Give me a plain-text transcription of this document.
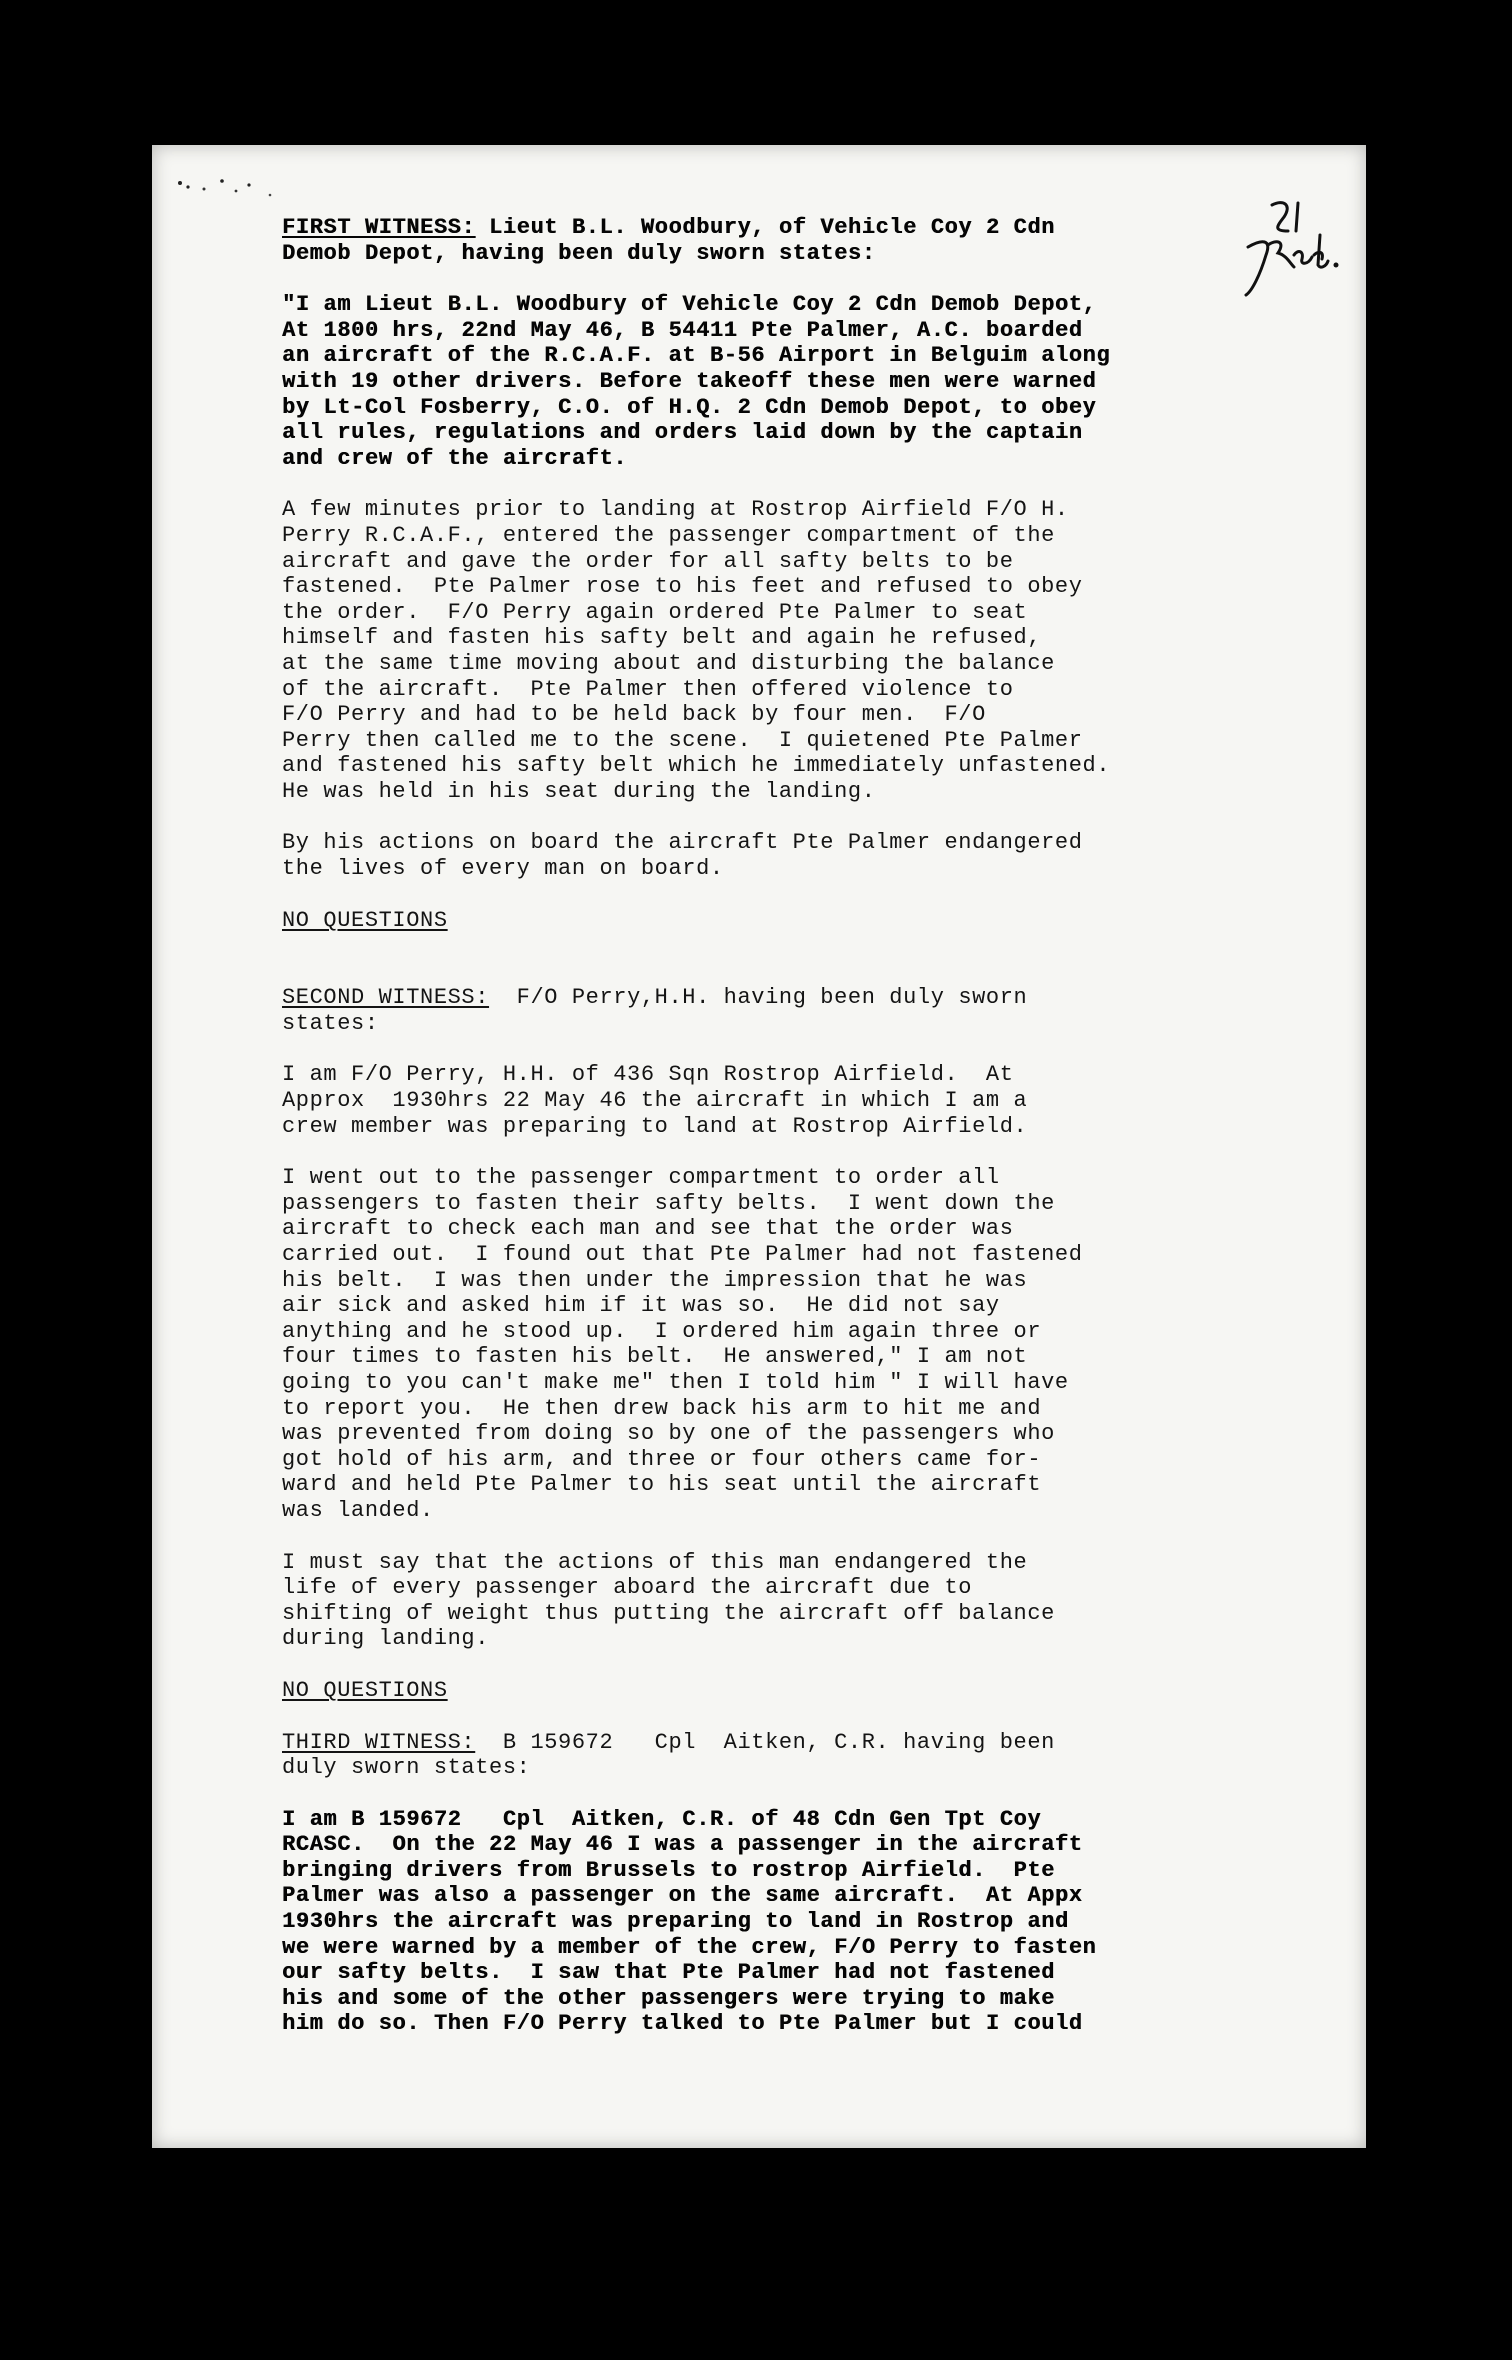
FIRST WITNESS: Lieut B.L. Woodbury, of Vehicle Coy 2 Cdn
Demob Depot, having been duly sworn states:
"I am Lieut B.L. Woodbury of Vehicle Coy 2 Cdn Demob Depot,
At 1800 hrs, 22nd May 46, B 54411 Pte Palmer, A.C. boarded
an aircraft of the R.C.A.F. at B-56 Airport in Belguim along
with 19 other drivers. Before takeoff these men were warned
by Lt-Col Fosberry, C.O. of H.Q. 2 Cdn Demob Depot, to obey
all rules, regulations and orders laid down by the captain
and crew of the aircraft.
A few minutes prior to landing at Rostrop Airfield F/O H.
Perry R.C.A.F., entered the passenger compartment of the
aircraft and gave the order for all safty belts to be
fastened.  Pte Palmer rose to his feet and refused to obey
the order.  F/O Perry again ordered Pte Palmer to seat
himself and fasten his safty belt and again he refused,
at the same time moving about and disturbing the balance
of the aircraft.  Pte Palmer then offered violence to
F/O Perry and had to be held back by four men.  F/O
Perry then called me to the scene.  I quietened Pte Palmer
and fastened his safty belt which he immediately unfastened.
He was held in his seat during the landing.
By his actions on board the aircraft Pte Palmer endangered
the lives of every man on board.
NO QUESTIONS
SECOND WITNESS:  F/O Perry,H.H. having been duly sworn
states:
I am F/O Perry, H.H. of 436 Sqn Rostrop Airfield.  At
Approx  1930hrs 22 May 46 the aircraft in which I am a
crew member was preparing to land at Rostrop Airfield.
I went out to the passenger compartment to order all
passengers to fasten their safty belts.  I went down the
aircraft to check each man and see that the order was
carried out.  I found out that Pte Palmer had not fastened
his belt.  I was then under the impression that he was
air sick and asked him if it was so.  He did not say
anything and he stood up.  I ordered him again three or
four times to fasten his belt.  He answered," I am not
going to you can't make me" then I told him " I will have
to report you.  He then drew back his arm to hit me and
was prevented from doing so by one of the passengers who
got hold of his arm, and three or four others came for-
ward and held Pte Palmer to his seat until the aircraft
was landed.
I must say that the actions of this man endangered the
life of every passenger aboard the aircraft due to
shifting of weight thus putting the aircraft off balance
during landing.
NO QUESTIONS
THIRD WITNESS:  B 159672   Cpl  Aitken, C.R. having been
duly sworn states:
I am B 159672   Cpl  Aitken, C.R. of 48 Cdn Gen Tpt Coy
RCASC.  On the 22 May 46 I was a passenger in the aircraft
bringing drivers from Brussels to rostrop Airfield.  Pte
Palmer was also a passenger on the same aircraft.  At Appx
1930hrs the aircraft was preparing to land in Rostrop and
we were warned by a member of the crew, F/O Perry to fasten
our safty belts.  I saw that Pte Palmer had not fastened
his and some of the other passengers were trying to make
him do so. Then F/O Perry talked to Pte Palmer but I could
